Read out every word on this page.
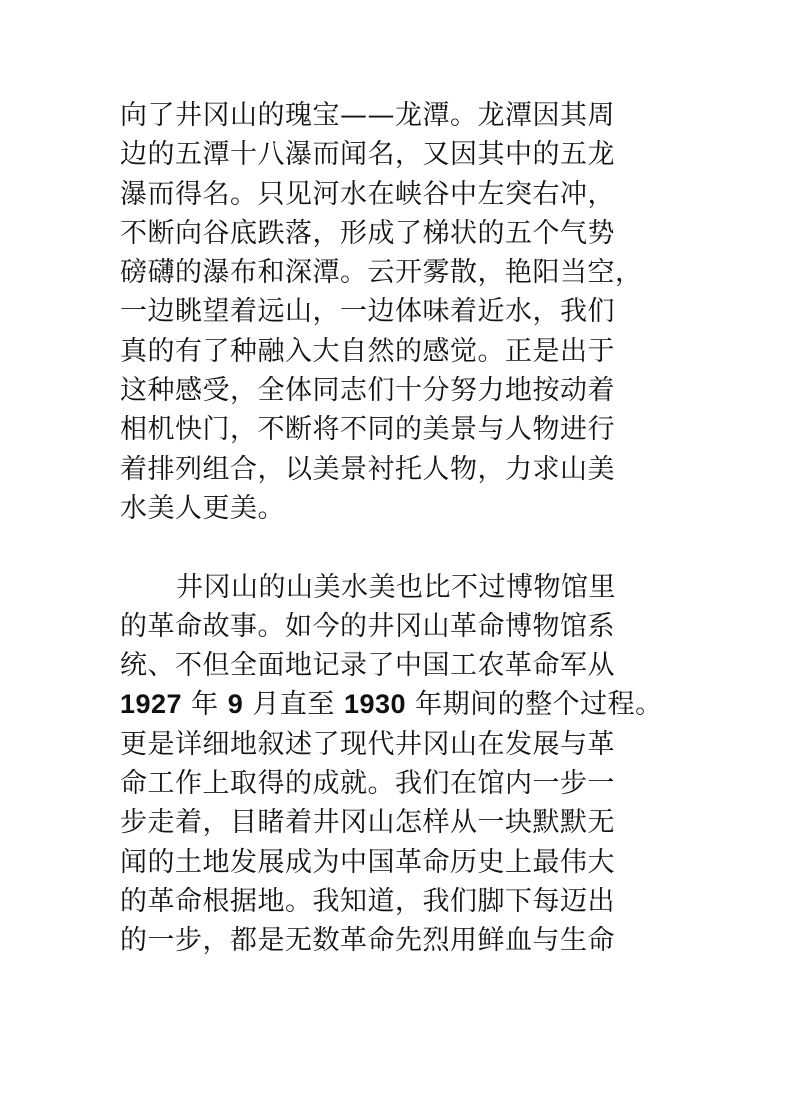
向了井冈山的瑰宝——龙潭。龙潭因其周
边的五潭十八瀑而闻名，又因其中的五龙
瀑而得名。只见河水在峡谷中左突右冲，
不断向谷底跌落，形成了梯状的五个气势
磅礴的瀑布和深潭。云开雾散，艳阳当空，
一边眺望着远山，一边体味着近水，我们
真的有了种融入大自然的感觉。正是出于
这种感受，全体同志们十分努力地按动着
相机快门，不断将不同的美景与人物进行
着排列组合，以美景衬托人物，力求山美
水美人更美。
井冈山的山美水美也比不过博物馆里
的革命故事。如今的井冈山革命博物馆系
统、不但全面地记录了中国工农革命军从
1927 年 9 月直至 1930 年期间的整个过程。
更是详细地叙述了现代井冈山在发展与革
命工作上取得的成就。我们在馆内一步一
步走着，目睹着井冈山怎样从一块默默无
闻的土地发展成为中国革命历史上最伟大
的革命根据地。我知道，我们脚下每迈出
的一步，都是无数革命先烈用鲜血与生命
